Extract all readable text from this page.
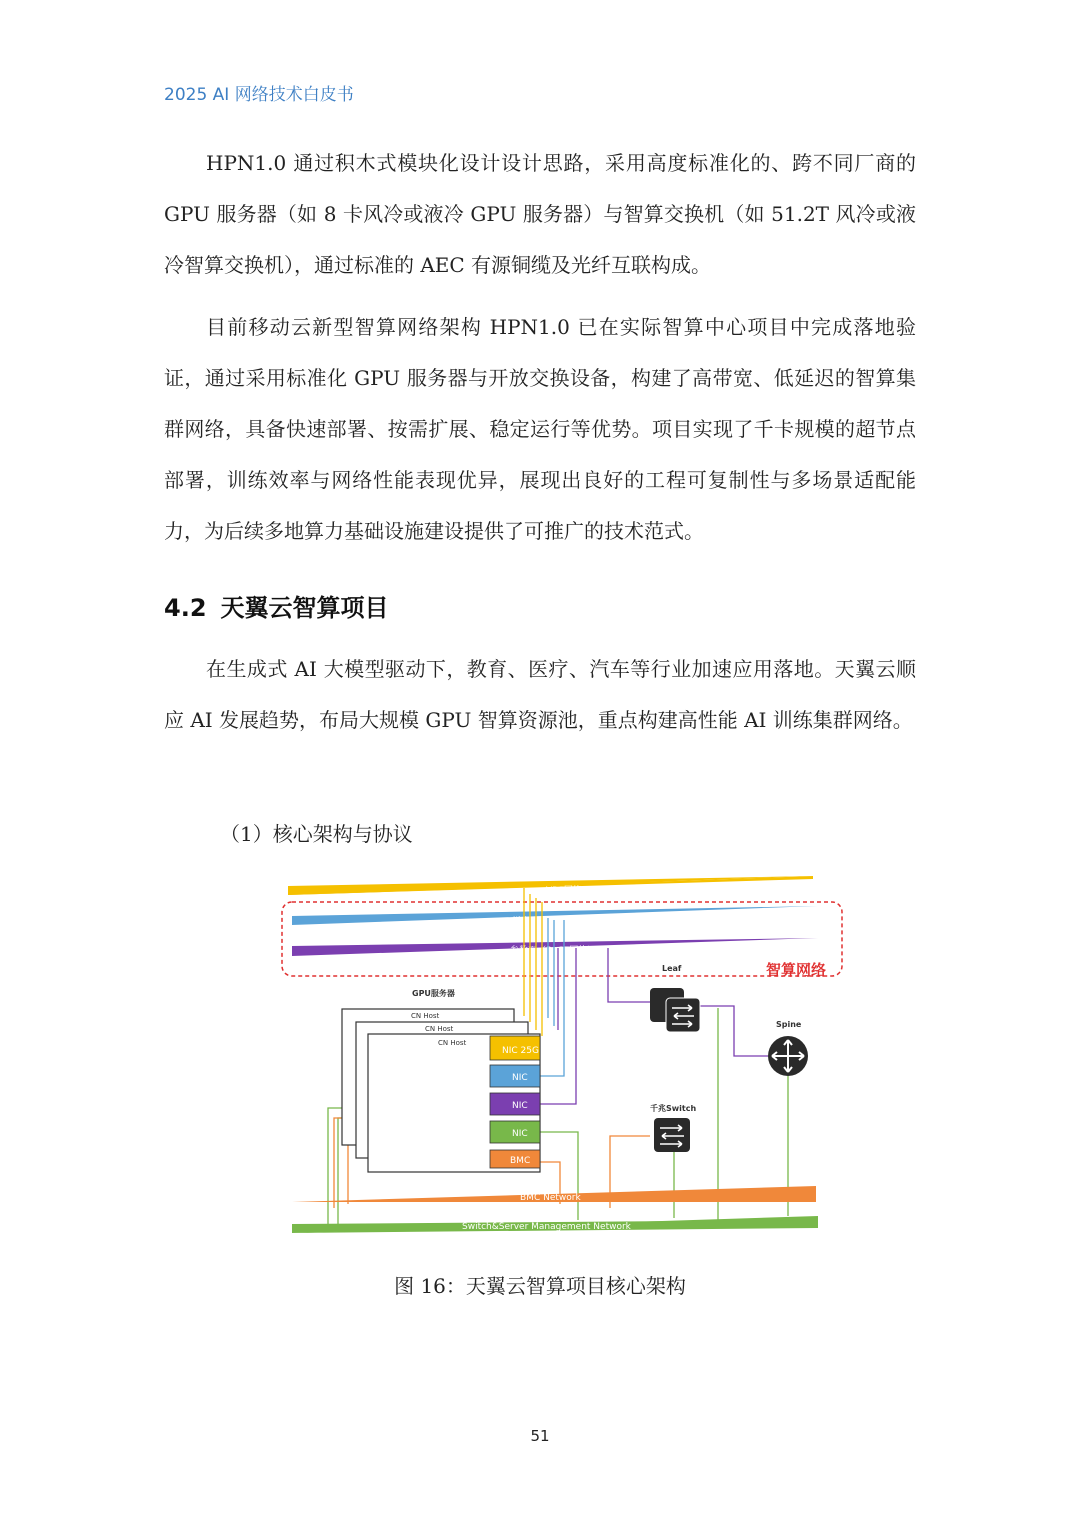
2025 AI 网络技术白皮书

HPN1.0 通过积木式模块化设计设计思路，采用高度标准化的、跨不同厂商的 GPU 服务器（如 8 卡风冷或液冷 GPU 服务器）与智算交换机（如 51.2T 风冷或液冷智算交换机），通过标准的 AEC 有源铜缆及光纤互联构成。

目前移动云新型智算网络架构 HPN1.0 已在实际智算中心项目中完成落地验证，通过采用标准化 GPU 服务器与开放交换设备，构建了高带宽、低延迟的智算集群网络，具备快速部署、按需扩展、稳定运行等优势。项目实现了千卡规模的超节点部署，训练效率与网络性能表现优异，展现出良好的工程可复制性与多场景适配能力，为后续多地算力基础设施建设提供了可推广的技术范式。

4.2 天翼云智算项目

在生成式 AI 大模型驱动下，教育、医疗、汽车等行业加速应用落地。天翼云顺应 AI 发展趋势，布局大规模 GPU 智算资源池，重点构建高性能 AI 训练集群网络。

（1）核心架构与协议
VPC网络
样本面（RoCE网络）
参数面（RoCE网络）
智算网络
GPU服务器
CN Host
CN Host
CN Host
NIC 25G
NIC
NIC
NIC
BMC
Leaf
Spine
千兆Switch
BMC Network
Switch&Server Management Network
图 16：天翼云智算项目核心架构
51
